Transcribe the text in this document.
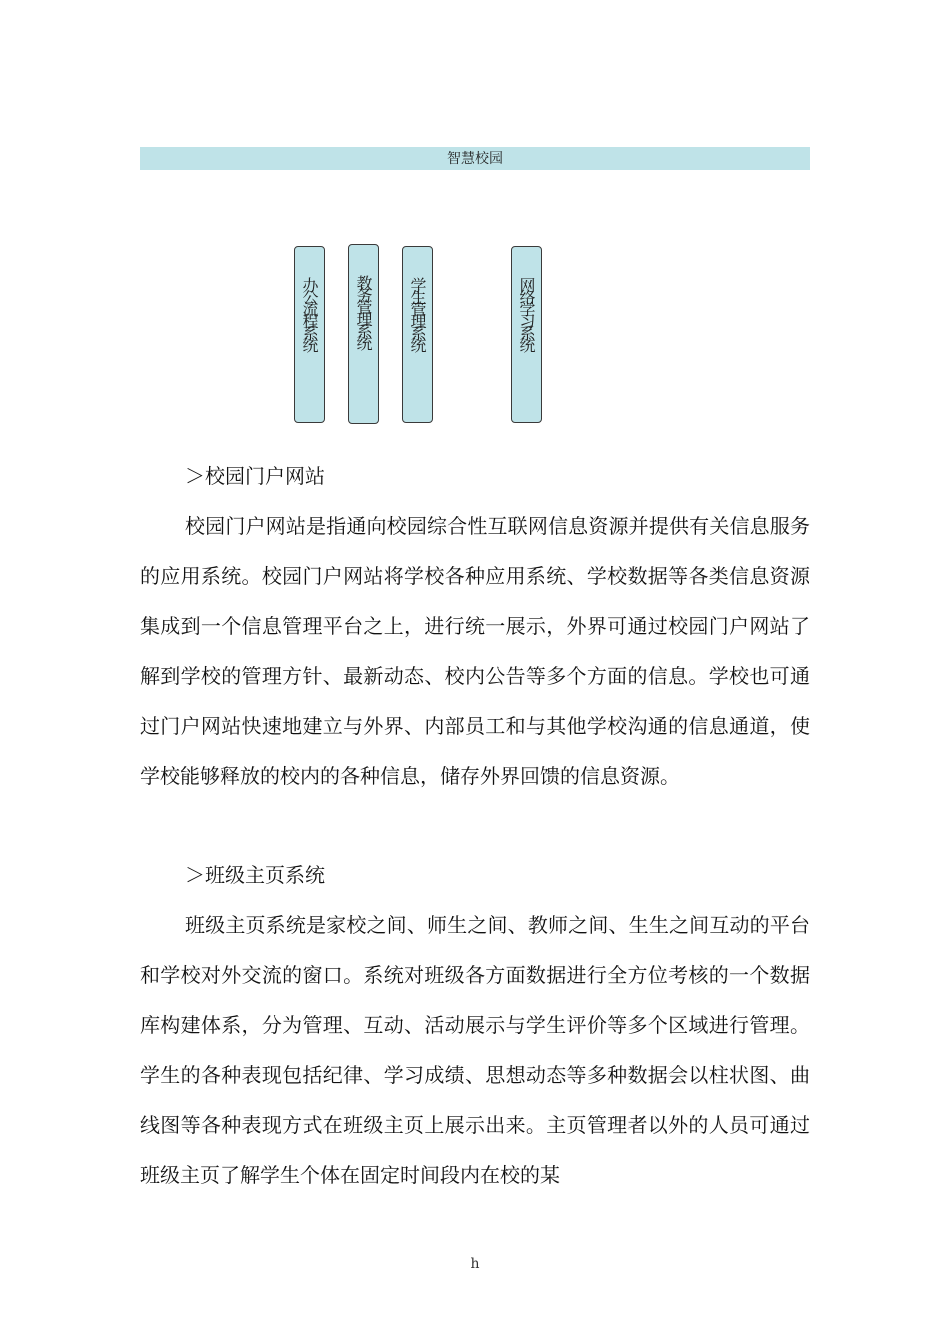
智慧校园
办公流程系统	教务管理系统	学生管理系统	网络学习系统
＞校园门户网站
校园门户网站是指通向校园综合性互联网信息资源并提供有关信息服务的应用系统。校园门户网站将学校各种应用系统、学校数据等各类信息资源集成到一个信息管理平台之上，进行统一展示，外界可通过校园门户网站了解到学校的管理方针、最新动态、校内公告等多个方面的信息。学校也可通过门户网站快速地建立与外界、内部员工和与其他学校沟通的信息通道，使学校能够释放的校内的各种信息，储存外界回馈的信息资源。
＞班级主页系统
班级主页系统是家校之间、师生之间、教师之间、生生之间互动的平台和学校对外交流的窗口。系统对班级各方面数据进行全方位考核的一个数据库构建体系，分为管理、互动、活动展示与学生评价等多个区域进行管理。学生的各种表现包括纪律、学习成绩、思想动态等多种数据会以柱状图、曲线图等各种表现方式在班级主页上展示出来。主页管理者以外的人员可通过班级主页了解学生个体在固定时间段内在校的某
h
